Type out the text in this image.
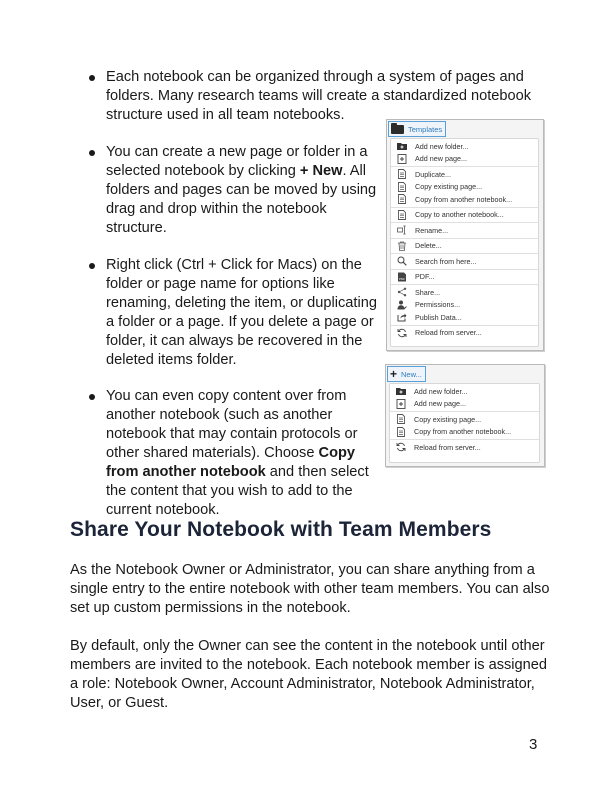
Each notebook can be organized through a system of pages and folders. Many research teams will create a standardized notebook structure used in all team notebooks.
You can create a new page or folder in a selected notebook by clicking + New. All folders and pages can be moved by using drag and drop within the notebook structure.
Right click (Ctrl + Click for Macs) on the folder or page name for options like renaming, deleting the item, or duplicating a folder or a page. If you delete a page or folder, it can always be recovered in the deleted items folder.
You can even copy content over from another notebook (such as another notebook that may contain protocols or other shared materials). Choose Copy from another notebook and then select the content that you wish to add to the current notebook.
Templates
Add new folder...
Add new page...
Duplicate...
Copy existing page...
Copy from another notebook...
Copy to another notebook...
Rename...
Delete...
Search from here...
PDF PDF...
Share...
Permissions...
Publish Data...
Reload from server...
+ New...
Add new folder...
Add new page...
Copy existing page...
Copy from another notebook...
Reload from server...
Share Your Notebook with Team Members

As the Notebook Owner or Administrator, you can share anything from a single entry to the entire notebook with other team members. You can also set up custom permissions in the notebook.

By default, only the Owner can see the content in the notebook until other members are invited to the notebook. Each notebook member is assigned a role: Notebook Owner, Account Administrator, Notebook Administrator, User, or Guest.

3
